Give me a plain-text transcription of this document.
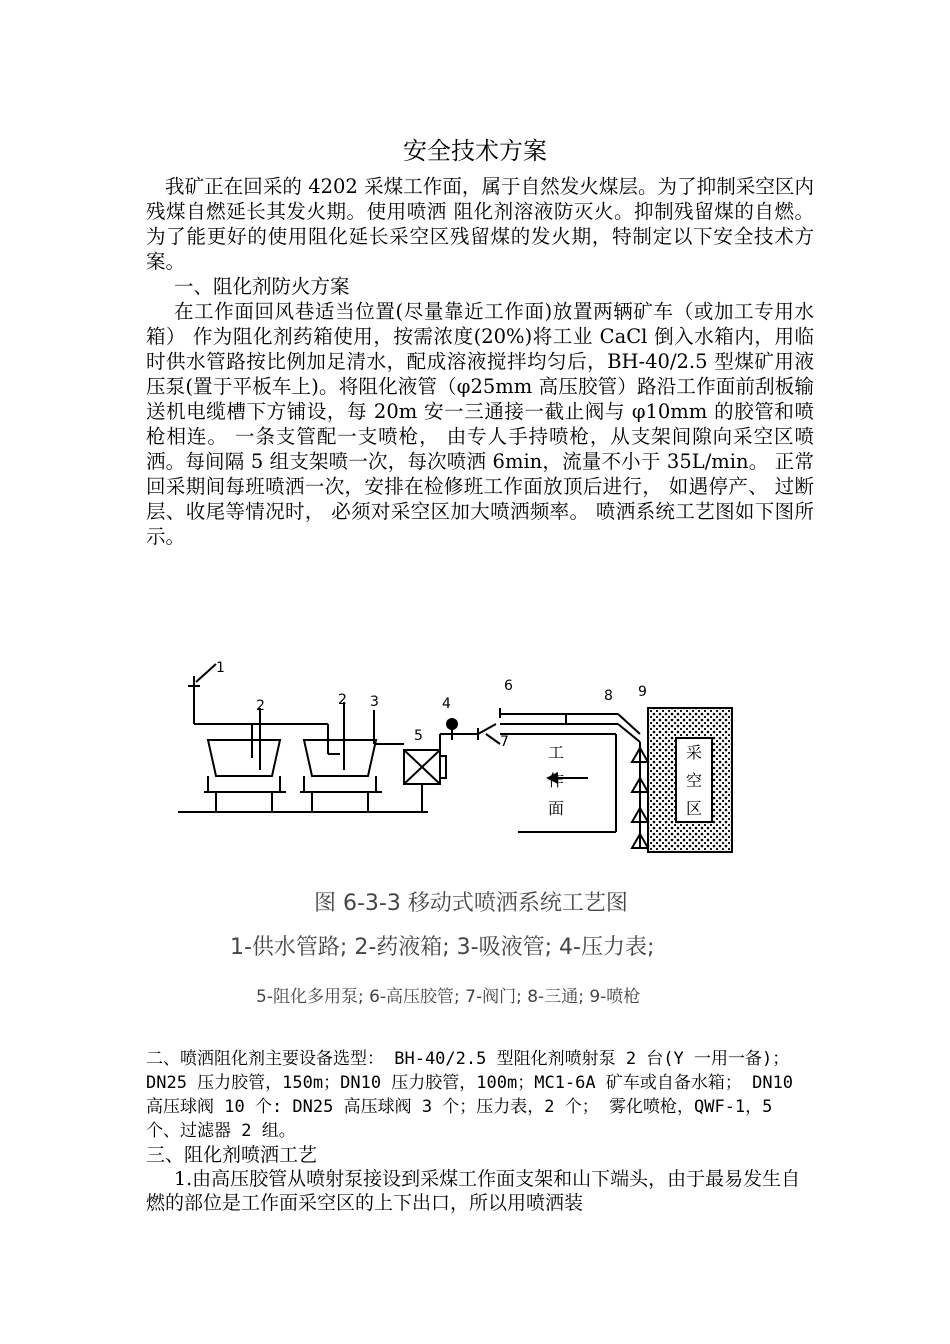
安全技术方案

我矿正在回采的 4202 采煤工作面，属于自然发火煤层。为了抑制采空区内残煤自燃延长其发火期。使用喷洒 阻化剂溶液防灭火。抑制残留煤的自燃。为了能更好的使用阻化延长采空区残留煤的发火期，特制定以下安全技术方案。

一、阻化剂防火方案

在工作面回风巷适当位置(尽量靠近工作面)放置两辆矿车（或加工专用水箱） 作为阻化剂药箱使用，按需浓度(20%)将工业 CaCl 倒入水箱内，用临时供水管路按比例加足清水，配成溶液搅拌均匀后，BH-40/2.5 型煤矿用液压泵(置于平板车上)。将阻化液管（φ25mm 高压胶管）路沿工作面前刮板输送机电缆槽下方铺设，每 20m 安一三通接一截止阀与 φ10mm 的胶管和喷枪相连。 一条支管配一支喷枪， 由专人手持喷枪，从支架间隙向采空区喷洒。每间隔 5 组支架喷一次，每次喷洒 6min，流量不小于 35L/min。 正常回采期间每班喷洒一次，安排在检修班工作面放顶后进行， 如遇停产、 过断层、收尾等情况时， 必须对采空区加大喷洒频率。 喷洒系统工艺图如下图所示。

采
空
区
工
作
面
1
2	2 3	4
5
6
7
8 9
图 6-3-3 移动式喷洒系统工艺图
1-供水管路; 2-药液箱; 3-吸液管; 4-压力表;
5-阻化多用泵; 6-高压胶管; 7-阀门; 8-三通; 9-喷枪

二、喷洒阻化剂主要设备选型： BH-40/2.5 型阻化剂喷射泵 2 台(Y 一用一备)； DN25 压力胶管，150m；DN10 压力胶管，100m；MC1-6A 矿车或自备水箱； DN10 高压球阀 10 个: DN25 高压球阀 3 个；压力表，2 个； 雾化喷枪，QWF-1，5 个、过滤器 2 组。

三、阻化剂喷洒工艺

1.由高压胶管从喷射泵接设到采煤工作面支架和山下端头，由于最易发生自燃的部位是工作面采空区的上下出口，所以用喷洒装
